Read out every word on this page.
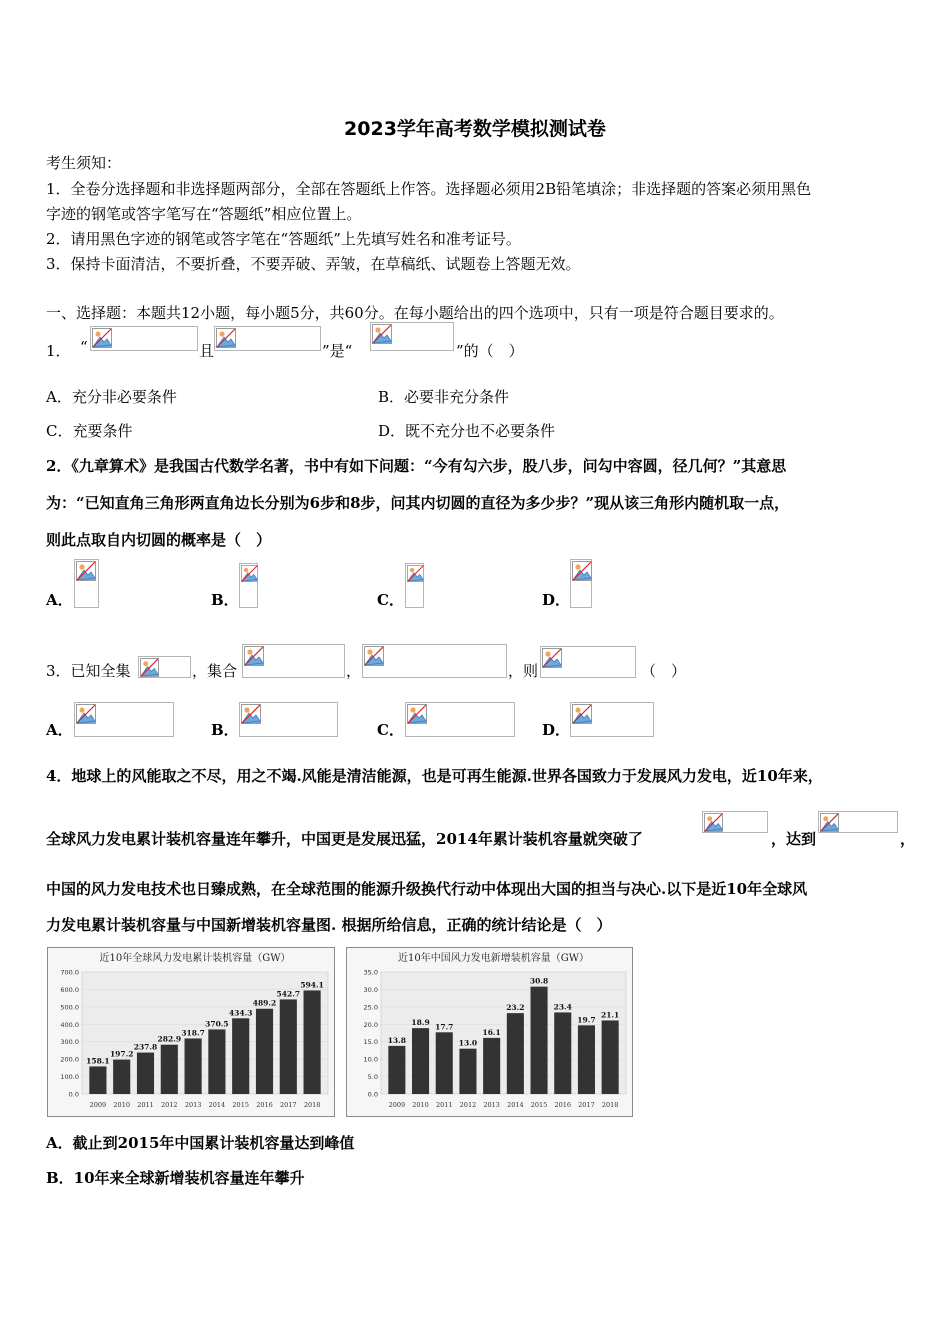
2023学年高考数学模拟测试卷
考生须知：
1．全卷分选择题和非选择题两部分，全部在答题纸上作答。选择题必须用2B铅笔填涂；非选择题的答案必须用黑色
字迹的钢笔或答字笔写在“答题纸”相应位置上。
2．请用黑色字迹的钢笔或答字笔在“答题纸”上先填写姓名和准考证号。
3．保持卡面清洁，不要折叠，不要弄破、弄皱，在草稿纸、试题卷上答题无效。
一、选择题：本题共12小题，每小题5分，共60分。在每小题给出的四个选项中，只有一项是符合题目要求的。
1． “	且	”是“	”的（　）
A．充分非必要条件	B．必要非充分条件
C．充要条件	D．既不充分也不必要条件
2．《九章算术》是我国古代数学名著，书中有如下问题：“今有勾六步，股八步，问勾中容圆，径几何？”其意思
为：“已知直角三角形两直角边长分别为6步和8步，问其内切圆的直径为多少步？”现从该三角形内随机取一点，
则此点取自内切圆的概率是（　）
A．	B．	C．	D．
3．已知全集	，集合	，	，则	（　）
A．	B．	C．	D．
4．地球上的风能取之不尽，用之不竭.风能是清洁能源，也是可再生能源.世界各国致力于发展风力发电，近10年来，
全球风力发电累计装机容量连年攀升，中国更是发展迅猛，2014年累计装机容量就突破了	，达到	，
中国的风力发电技术也日臻成熟，在全球范围的能源升级换代行动中体现出大国的担当与决心.以下是近10年全球风
力发电累计装机容量与中国新增装机容量图. 根据所给信息，正确的统计结论是（　）
近10年全球风力发电累计装机容量（GW）
0.0
100.0
200.0
300.0
400.0
500.0
600.0
700.0
158.1
2009
197.2
2010
237.8
2011
282.9
2012
318.7
2013
370.5
2014
434.3
2015
489.2
2016
542.7
2017
594.1
2018
近10年中国风力发电新增装机容量（GW）
0.0
5.0
10.0
15.0
20.0
25.0
30.0
35.0
13.8
2009
18.9
2010
17.7
2011
13.0
2012
16.1
2013
23.2
2014
30.8
2015
23.4
2016
19.7
2017
21.1
2018
A．截止到2015年中国累计装机容量达到峰值
B．10年来全球新增装机容量连年攀升
